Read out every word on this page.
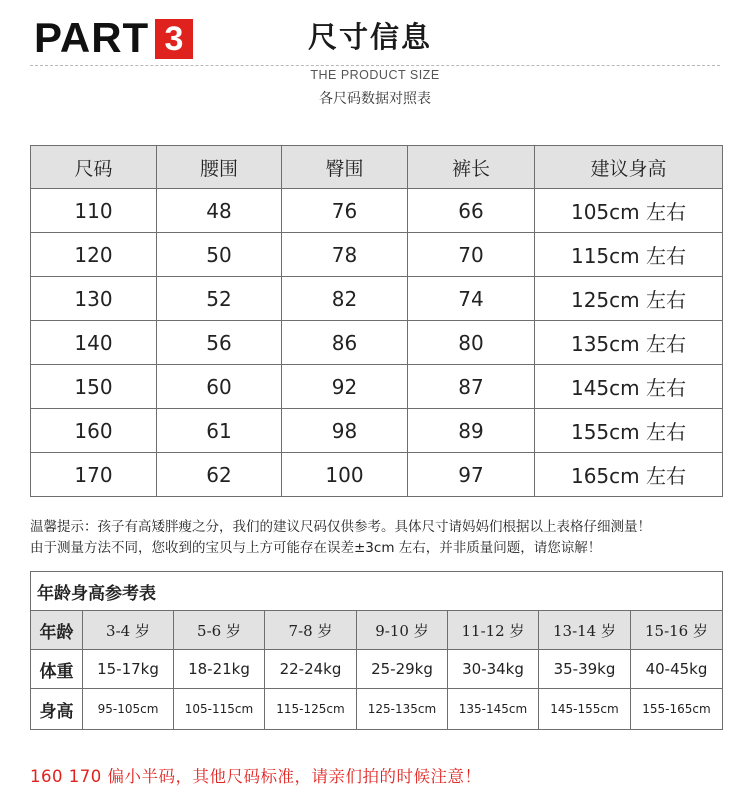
PART 3	尺寸信息
THE PRODUCT SIZE
各尺码数据对照表
尺码	腰围	臀围	裤长	建议身高
110	48	76	66	105cm 左右
120	50	78	70	115cm 左右
130	52	82	74	125cm 左右
140	56	86	80	135cm 左右
150	60	92	87	145cm 左右
160	61	98	89	155cm 左右
170	62	100	97	165cm 左右
温馨提示：孩子有高矮胖瘦之分，我们的建议尺码仅供参考。具体尺寸请妈妈们根据以上表格仔细测量！
由于测量方法不同，您收到的宝贝与上方可能存在误差±3cm 左右，并非质量问题，请您谅解！
年龄身高参考表							
年龄	3-4 岁	5-6 岁	7-8 岁	9-10 岁	11-12 岁	13-14 岁	15-16 岁
体重	15-17kg	18-21kg	22-24kg	25-29kg	30-34kg	35-39kg	40-45kg
身高	95-105cm	105-115cm	115-125cm	125-135cm	135-145cm	145-155cm	155-165cm
160 170 偏小半码，其他尺码标准，请亲们拍的时候注意！
